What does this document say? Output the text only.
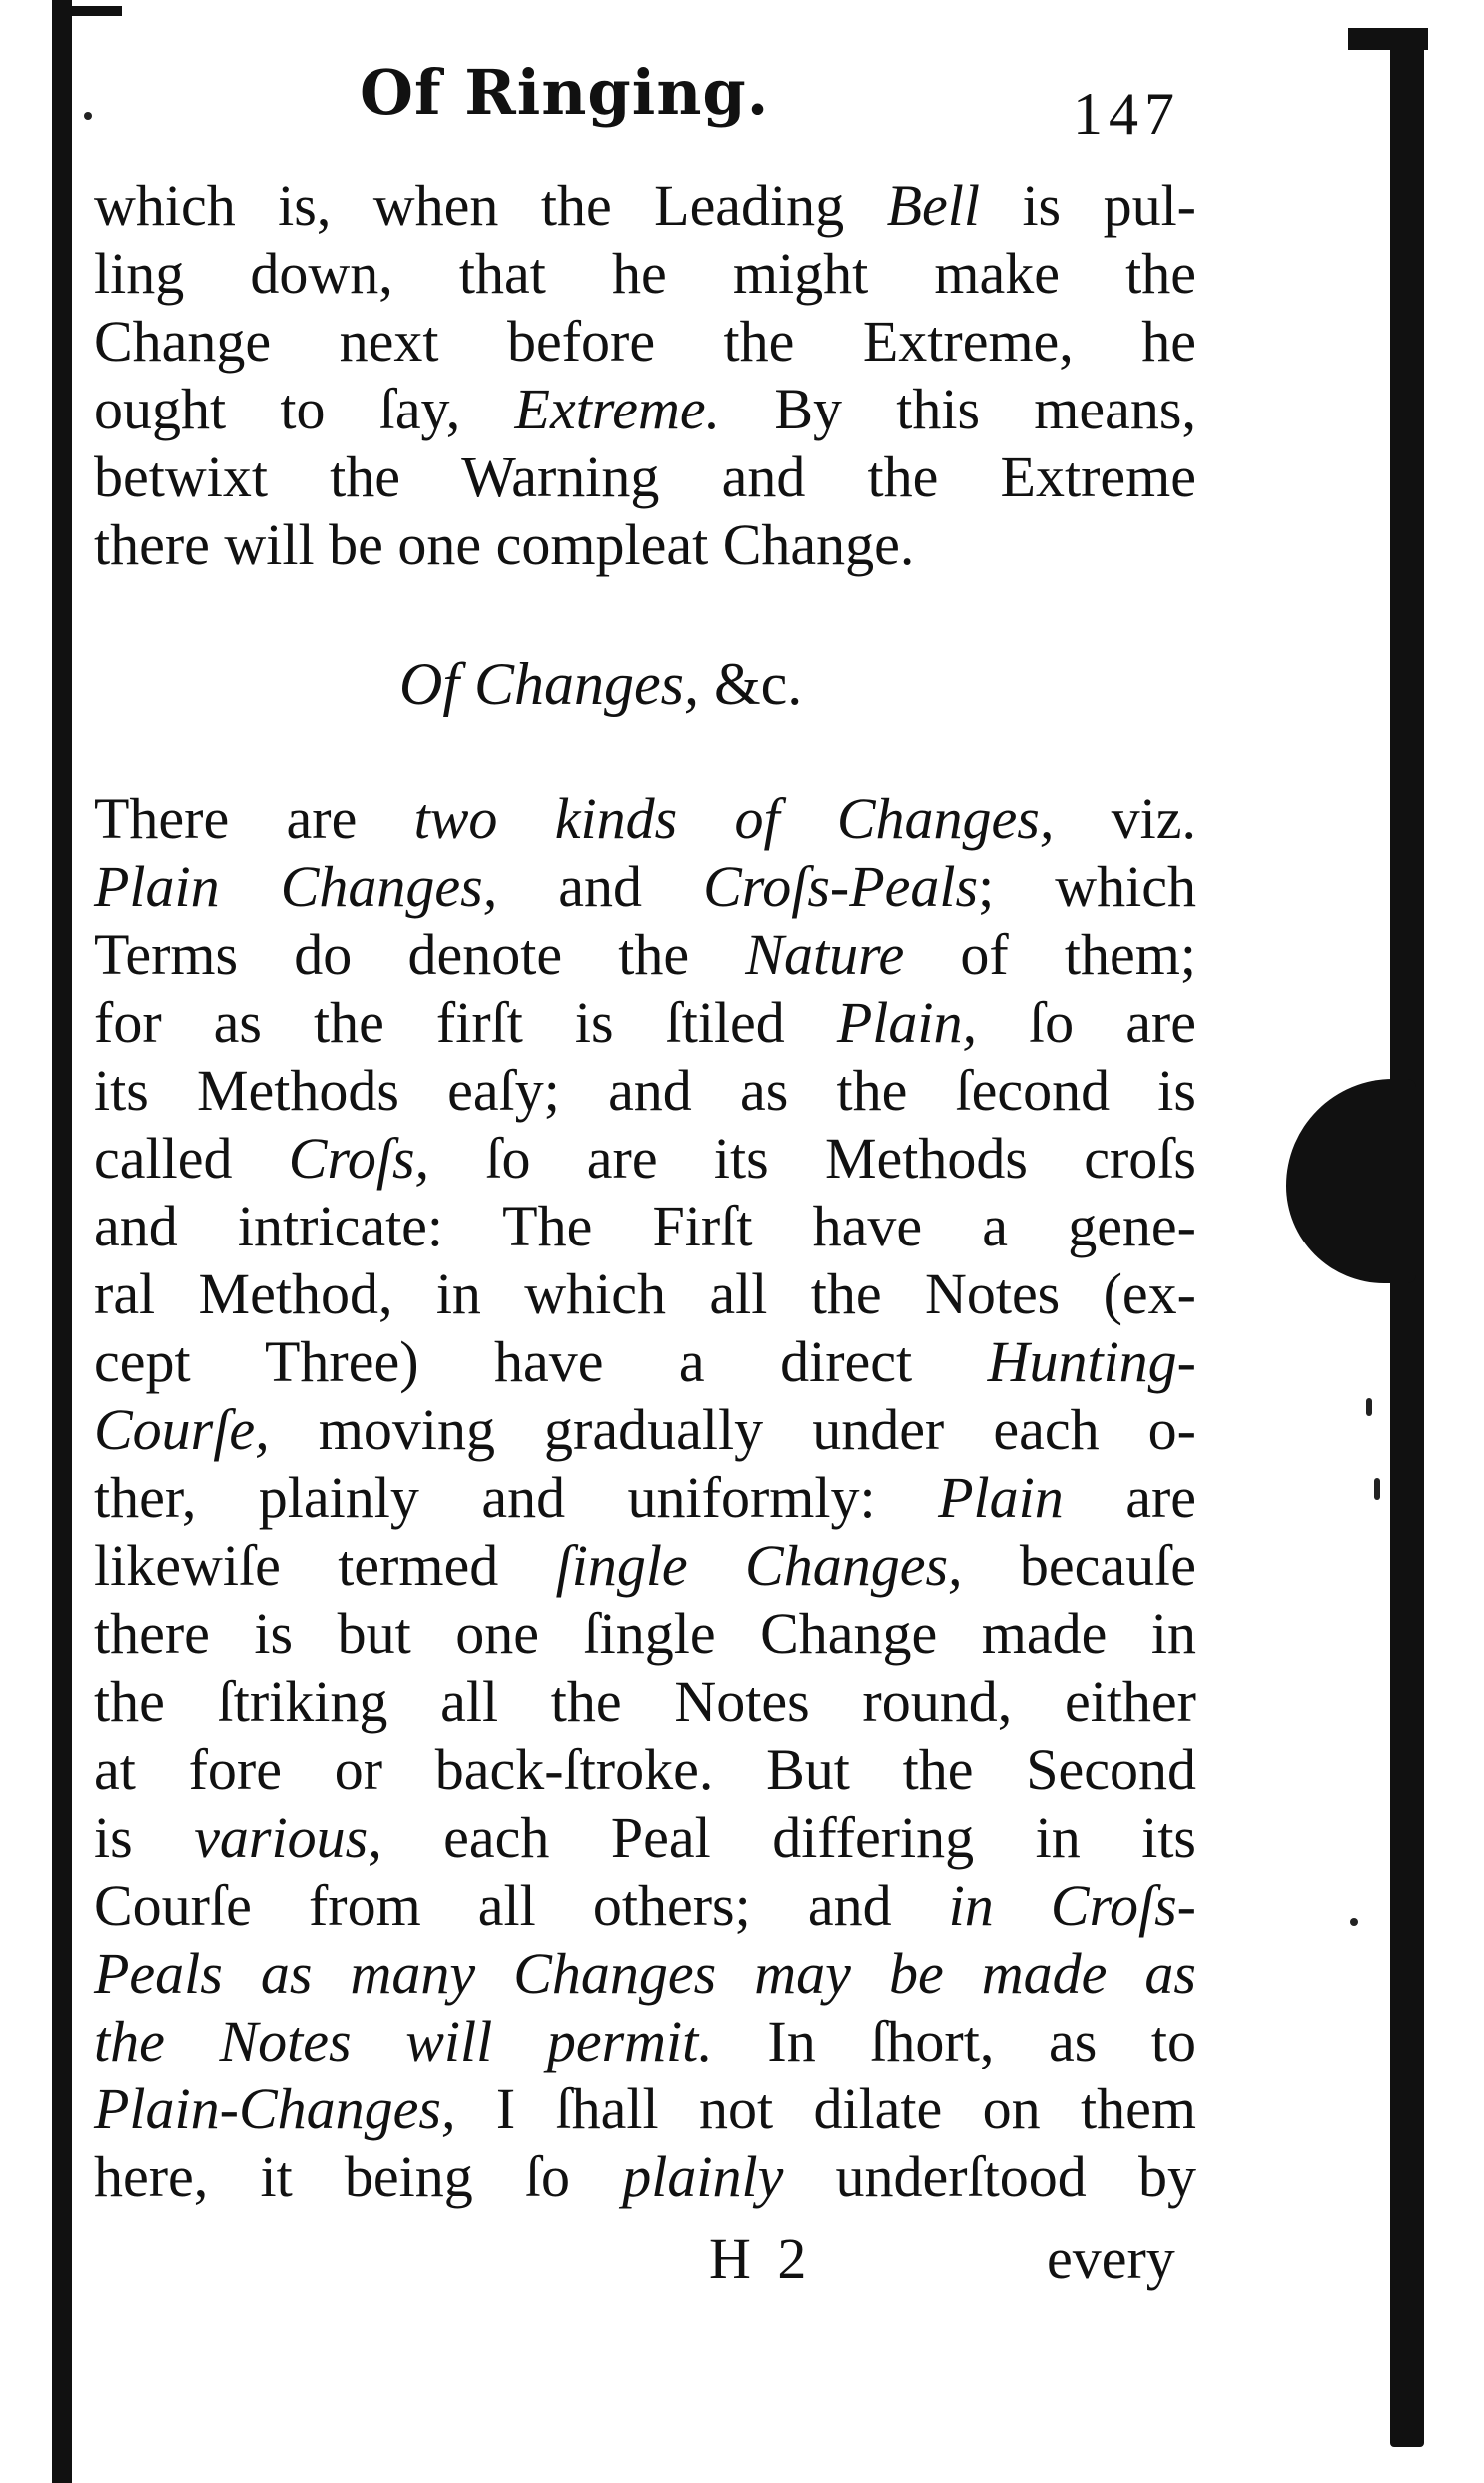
Of Ringing.	147
which is, when the Leading Bell is pul-
ling down, that he might make the
Change next before the Extreme, he
ought to ſay, Extreme. By this means,
betwixt the Warning and the Extreme
there will be one compleat Change.
Of Changes, &c.
There are two kinds of Changes, viz.
Plain Changes, and Croſs-Peals; which
Terms do denote the Nature of them;
for as the firſt is ſtiled Plain, ſo are
its Methods eaſy; and as the ſecond is
called Croſs, ſo are its Methods croſs
and intricate: The Firſt have a gene-
ral Method, in which all the Notes (ex-
cept Three) have a direct Hunting-
Courſe, moving gradually under each o-
ther, plainly and uniformly: Plain are
likewiſe termed ſingle Changes, becauſe
there is but one ſingle Change made in
the ſtriking all the Notes round, either
at fore or back-ſtroke. But the Second
is various, each Peal differing in its
Courſe from all others; and in Croſs-
Peals as many Changes may be made as
the Notes will permit. In ſhort, as to
Plain-Changes, I ſhall not dilate on them
here, it being ſo plainly underſtood by
H 2	every
